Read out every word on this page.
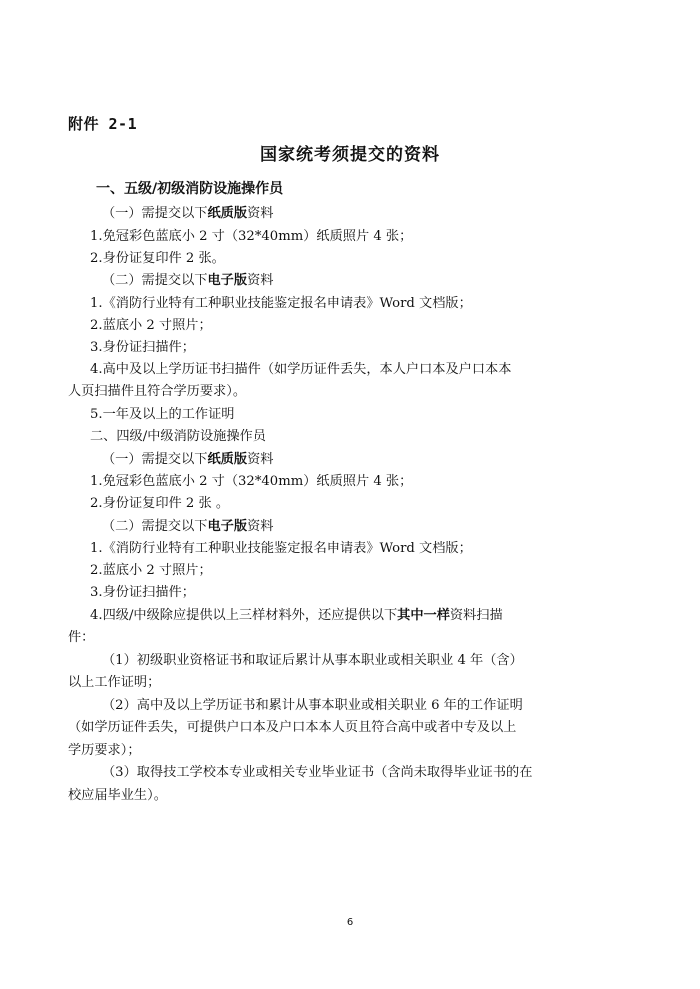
附件 2-1
国家统考须提交的资料
一、五级/初级消防设施操作员
（一）需提交以下纸质版资料
1.免冠彩色蓝底小 2 寸（32*40mm）纸质照片 4 张；
2.身份证复印件 2 张。
（二）需提交以下电子版资料
1.《消防行业特有工种职业技能鉴定报名申请表》Word 文档版；
2.蓝底小 2 寸照片；
3.身份证扫描件；
4.高中及以上学历证书扫描件（如学历证件丢失，本人户口本及户口本本
人页扫描件且符合学历要求）。
5.一年及以上的工作证明
二、四级/中级消防设施操作员
（一）需提交以下纸质版资料
1.免冠彩色蓝底小 2 寸（32*40mm）纸质照片 4 张；
2.身份证复印件 2 张 。
（二）需提交以下电子版资料
1.《消防行业特有工种职业技能鉴定报名申请表》Word 文档版；
2.蓝底小 2 寸照片；
3.身份证扫描件；
4.四级/中级除应提供以上三样材料外，还应提供以下其中一样资料扫描
件：
（1）初级职业资格证书和取证后累计从事本职业或相关职业 4 年（含）
以上工作证明；
（2）高中及以上学历证书和累计从事本职业或相关职业 6 年的工作证明
（如学历证件丢失，可提供户口本及户口本本人页且符合高中或者中专及以上
学历要求）；
（3）取得技工学校本专业或相关专业毕业证书（含尚未取得毕业证书的在
校应届毕业生）。
6
